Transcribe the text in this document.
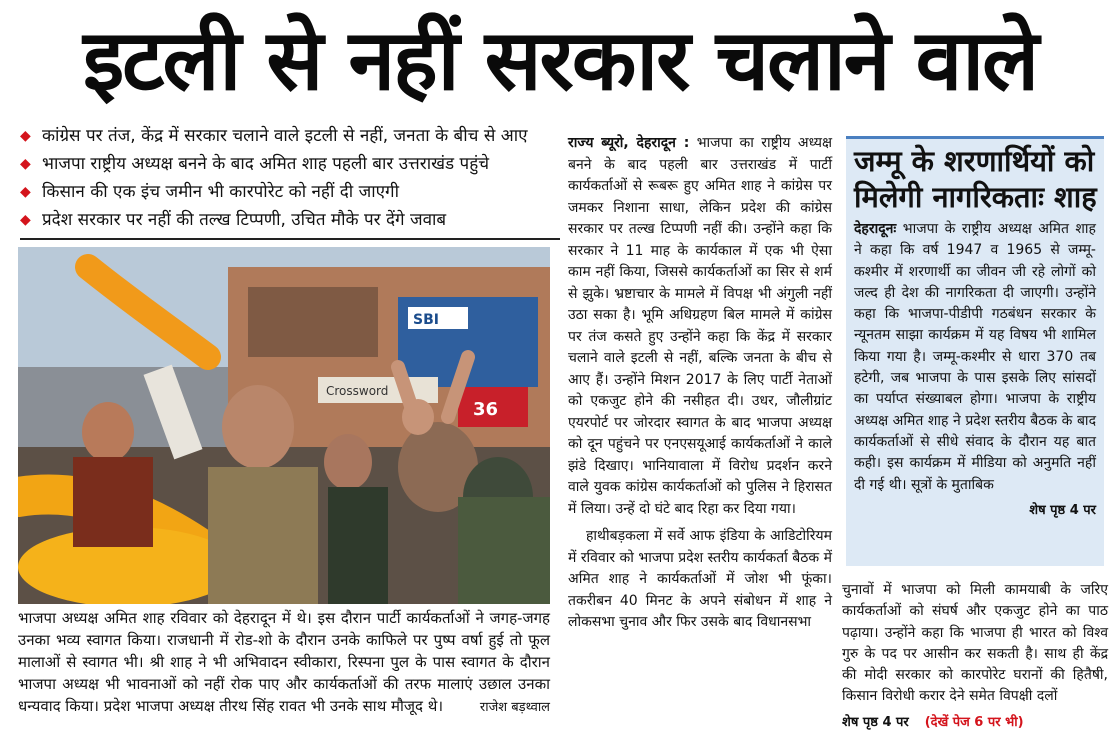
इटली से नहीं सरकार चलाने वाले
◆ कांग्रेस पर तंज, केंद्र में सरकार चलाने वाले इटली से नहीं, जनता के बीच से आए
◆ भाजपा राष्ट्रीय अध्यक्ष बनने के बाद अमित शाह पहली बार उत्तराखंड पहुंचे
◆ किसान की एक इंच जमीन भी कारपोरेट को नहीं दी जाएगी
◆ प्रदेश सरकार पर नहीं की तल्ख टिप्पणी, उचित मौके पर देंगे जवाब
SBI
36
Crossword
भाजपा अध्यक्ष अमित शाह रविवार को देहरादून में थे। इस दौरान पार्टी कार्यकर्ताओं ने जगह-जगह उनका भव्य स्वागत किया। राजधानी में रोड-शो के दौरान उनके काफिले पर पुष्प वर्षा हुई तो फूल मालाओं से स्वागत भी। श्री शाह ने भी अभिवादन स्वीकारा, रिस्पना पुल के पास स्वागत के दौरान भाजपा अध्यक्ष भी भावनाओं को नहीं रोक पाए और कार्यकर्ताओं की तरफ मालाएं उछाल उनका धन्यवाद किया। प्रदेश भाजपा अध्यक्ष तीरथ सिंह रावत भी उनके साथ मौजूद थे।	राजेश बड़थ्वाल

राज्य ब्यूरो, देहरादून : भाजपा का राष्ट्रीय अध्यक्ष बनने के बाद पहली बार उत्तराखंड में पार्टी कार्यकर्ताओं से रूबरू हुए अमित शाह ने कांग्रेस पर जमकर निशाना साधा, लेकिन प्रदेश की कांग्रेस सरकार पर तल्ख टिप्पणी नहीं की। उन्होंने कहा कि सरकार ने 11 माह के कार्यकाल में एक भी ऐसा काम नहीं किया, जिससे कार्यकर्ताओं का सिर से शर्म से झुके। भ्रष्टाचार के मामले में विपक्ष भी अंगुली नहीं उठा सका है। भूमि अधिग्रहण बिल मामले में कांग्रेस पर तंज कसते हुए उन्होंने कहा कि केंद्र में सरकार चलाने वाले इटली से नहीं, बल्कि जनता के बीच से आए हैं। उन्होंने मिशन 2017 के लिए पार्टी नेताओं को एकजुट होने की नसीहत दी। उधर, जौलीग्रांट एयरपोर्ट पर जोरदार स्वागत के बाद भाजपा अध्यक्ष को दून पहुंचने पर एनएसयूआई कार्यकर्ताओं ने काले झंडे दिखाए। भानियावाला में विरोध प्रदर्शन करने वाले युवक कांग्रेस कार्यकर्ताओं को पुलिस ने हिरासत में लिया। उन्हें दो घंटे बाद रिहा कर दिया गया।

हाथीबड़कला में सर्वे आफ इंडिया के आडिटोरियम में रविवार को भाजपा प्रदेश स्तरीय कार्यकर्ता बैठक में अमित शाह ने कार्यकर्ताओं में जोश भी फूंका। तकरीबन 40 मिनट के अपने संबोधन में शाह ने लोकसभा चुनाव और फिर उसके बाद विधानसभा

जम्मू के शरणार्थियों को
मिलेगी नागरिकताः शाह
देहरादूनः भाजपा के राष्ट्रीय अध्यक्ष अमित शाह ने कहा कि वर्ष 1947 व 1965 से जम्मू-कश्मीर में शरणार्थी का जीवन जी रहे लोगों को जल्द ही देश की नागरिकता दी जाएगी। उन्होंने कहा कि भाजपा-पीडीपी गठबंधन सरकार के न्यूनतम साझा कार्यक्रम में यह विषय भी शामिल किया गया है। जम्मू-कश्मीर से धारा 370 तब हटेगी, जब भाजपा के पास इसके लिए सांसदों का पर्याप्त संख्याबल होगा। भाजपा के राष्ट्रीय अध्यक्ष अमित शाह ने प्रदेश स्तरीय बैठक के बाद कार्यकर्ताओं से सीधे संवाद के दौरान यह बात कही। इस कार्यक्रम में मीडिया को अनुमति नहीं दी गई थी। सूत्रों के मुताबिक
शेष पृष्ठ 4 पर

चुनावों में भाजपा को मिली कामयाबी के जरिए कार्यकर्ताओं को संघर्ष और एकजुट होने का पाठ पढ़ाया। उन्होंने कहा कि भाजपा ही भारत को विश्व गुरु के पद पर आसीन कर सकती है। साथ ही केंद्र की मोदी सरकार को कारपोरेट घरानों की हितैषी, किसान विरोधी करार देने समेत विपक्षी दलों

शेष पृष्ठ 4 पर (देखें पेज 6 पर भी)
